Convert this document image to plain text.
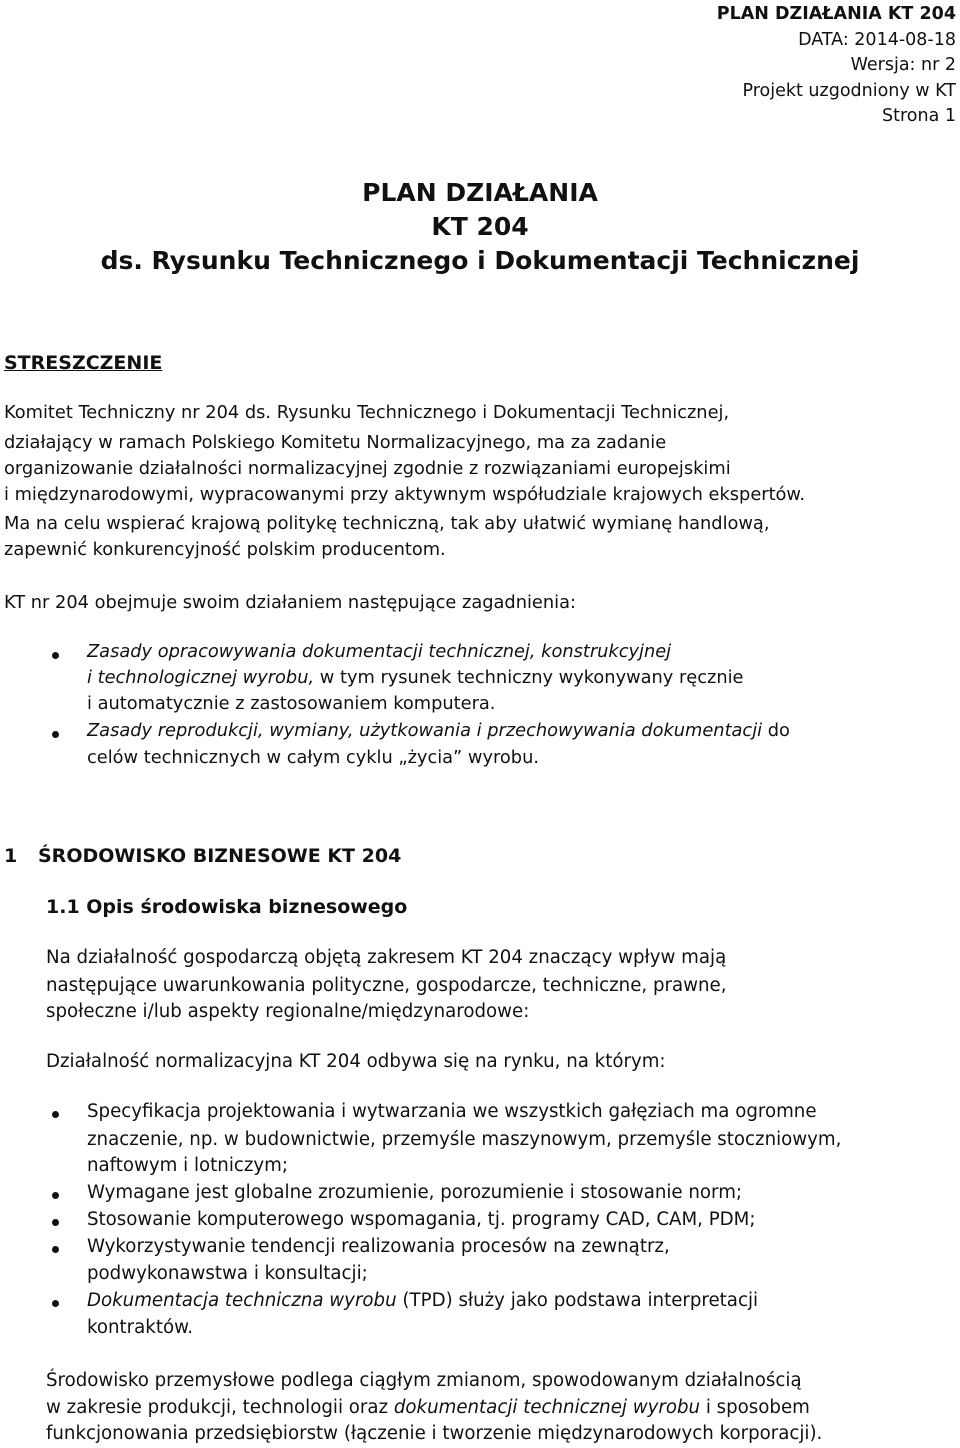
PLAN DZIAŁANIA KT 204
DATA: 2014-08-18
Wersja: nr 2
Projekt uzgodniony w KT
Strona 1
PLAN DZIAŁANIA
KT 204
ds. Rysunku Technicznego i Dokumentacji Technicznej
STRESZCZENIE
Komitet Techniczny nr 204 ds. Rysunku Technicznego i Dokumentacji Technicznej,
działający w ramach Polskiego Komitetu Normalizacyjnego, ma za zadanie
organizowanie działalności normalizacyjnej zgodnie z rozwiązaniami europejskimi
i międzynarodowymi, wypracowanymi przy aktywnym współudziale krajowych ekspertów.
Ma na celu wspierać krajową politykę techniczną, tak aby ułatwić wymianę handlową,
zapewnić konkurencyjność polskim producentom.
KT nr 204 obejmuje swoim działaniem następujące zagadnienia:
Zasady opracowywania dokumentacji technicznej, konstrukcyjnej
i technologicznej wyrobu, w tym rysunek techniczny wykonywany ręcznie
i automatycznie z zastosowaniem komputera.
Zasady reprodukcji, wymiany, użytkowania i przechowywania dokumentacji do
celów technicznych w całym cyklu „życia” wyrobu.
1 ŚRODOWISKO BIZNESOWE KT 204
1.1 Opis środowiska biznesowego
Na działalność gospodarczą objętą zakresem KT 204 znaczący wpływ mają
następujące uwarunkowania polityczne, gospodarcze, techniczne, prawne,
społeczne i/lub aspekty regionalne/międzynarodowe:
Działalność normalizacyjna KT 204 odbywa się na rynku, na którym:
Specyfikacja projektowania i wytwarzania we wszystkich gałęziach ma ogromne
znaczenie, np. w budownictwie, przemyśle maszynowym, przemyśle stoczniowym,
naftowym i lotniczym;
Wymagane jest globalne zrozumienie, porozumienie i stosowanie norm;
Stosowanie komputerowego wspomagania, tj. programy CAD, CAM, PDM;
Wykorzystywanie tendencji realizowania procesów na zewnątrz,
podwykonawstwa i konsultacji;
Dokumentacja techniczna wyrobu (TPD) służy jako podstawa interpretacji
kontraktów.
Środowisko przemysłowe podlega ciągłym zmianom, spowodowanym działalnością
w zakresie produkcji, technologii oraz dokumentacji technicznej wyrobu i sposobem
funkcjonowania przedsiębiorstw (łączenie i tworzenie międzynarodowych korporacji).
